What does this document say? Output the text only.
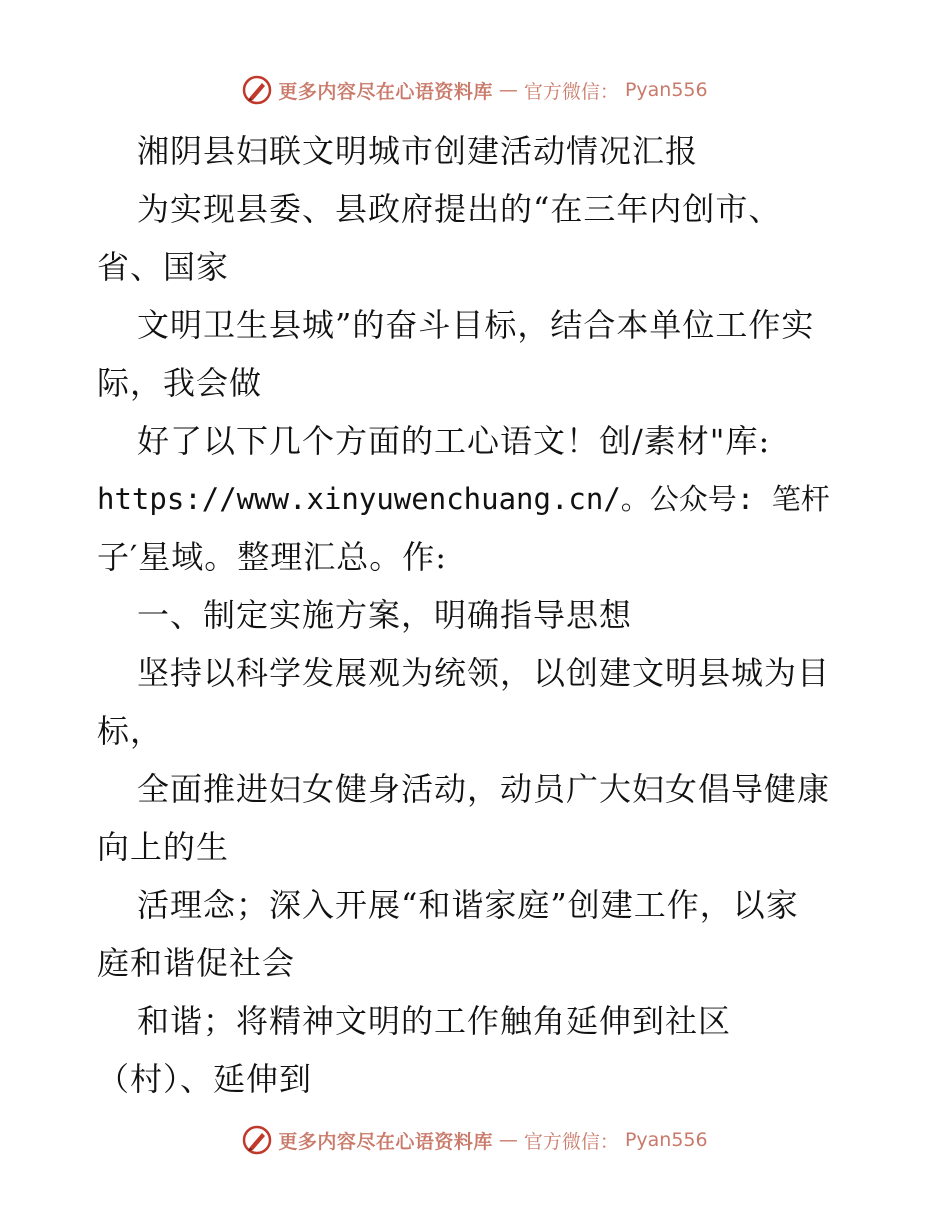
更多内容尽在心语资料库 — 官方微信： Pyan556
湘阴县妇联文明城市创建活动情况汇报
为实现县委、县政府提出的“在三年内创市、
省、国家
文明卫生县城”的奋斗目标，结合本单位工作实
际，我会做
好了以下几个方面的工心语文！创/素材"库:
https://www.xinyuwenchuang.cn/。公众号: 笔杆
子′星域。整理汇总。作:
一、制定实施方案，明确指导思想
坚持以科学发展观为统领，以创建文明县城为目
标，
全面推进妇女健身活动，动员广大妇女倡导健康
向上的生
活理念；深入开展“和谐家庭”创建工作，以家
庭和谐促社会
和谐；将精神文明的工作触角延伸到社区
（村）、延伸到
更多内容尽在心语资料库 — 官方微信： Pyan556
